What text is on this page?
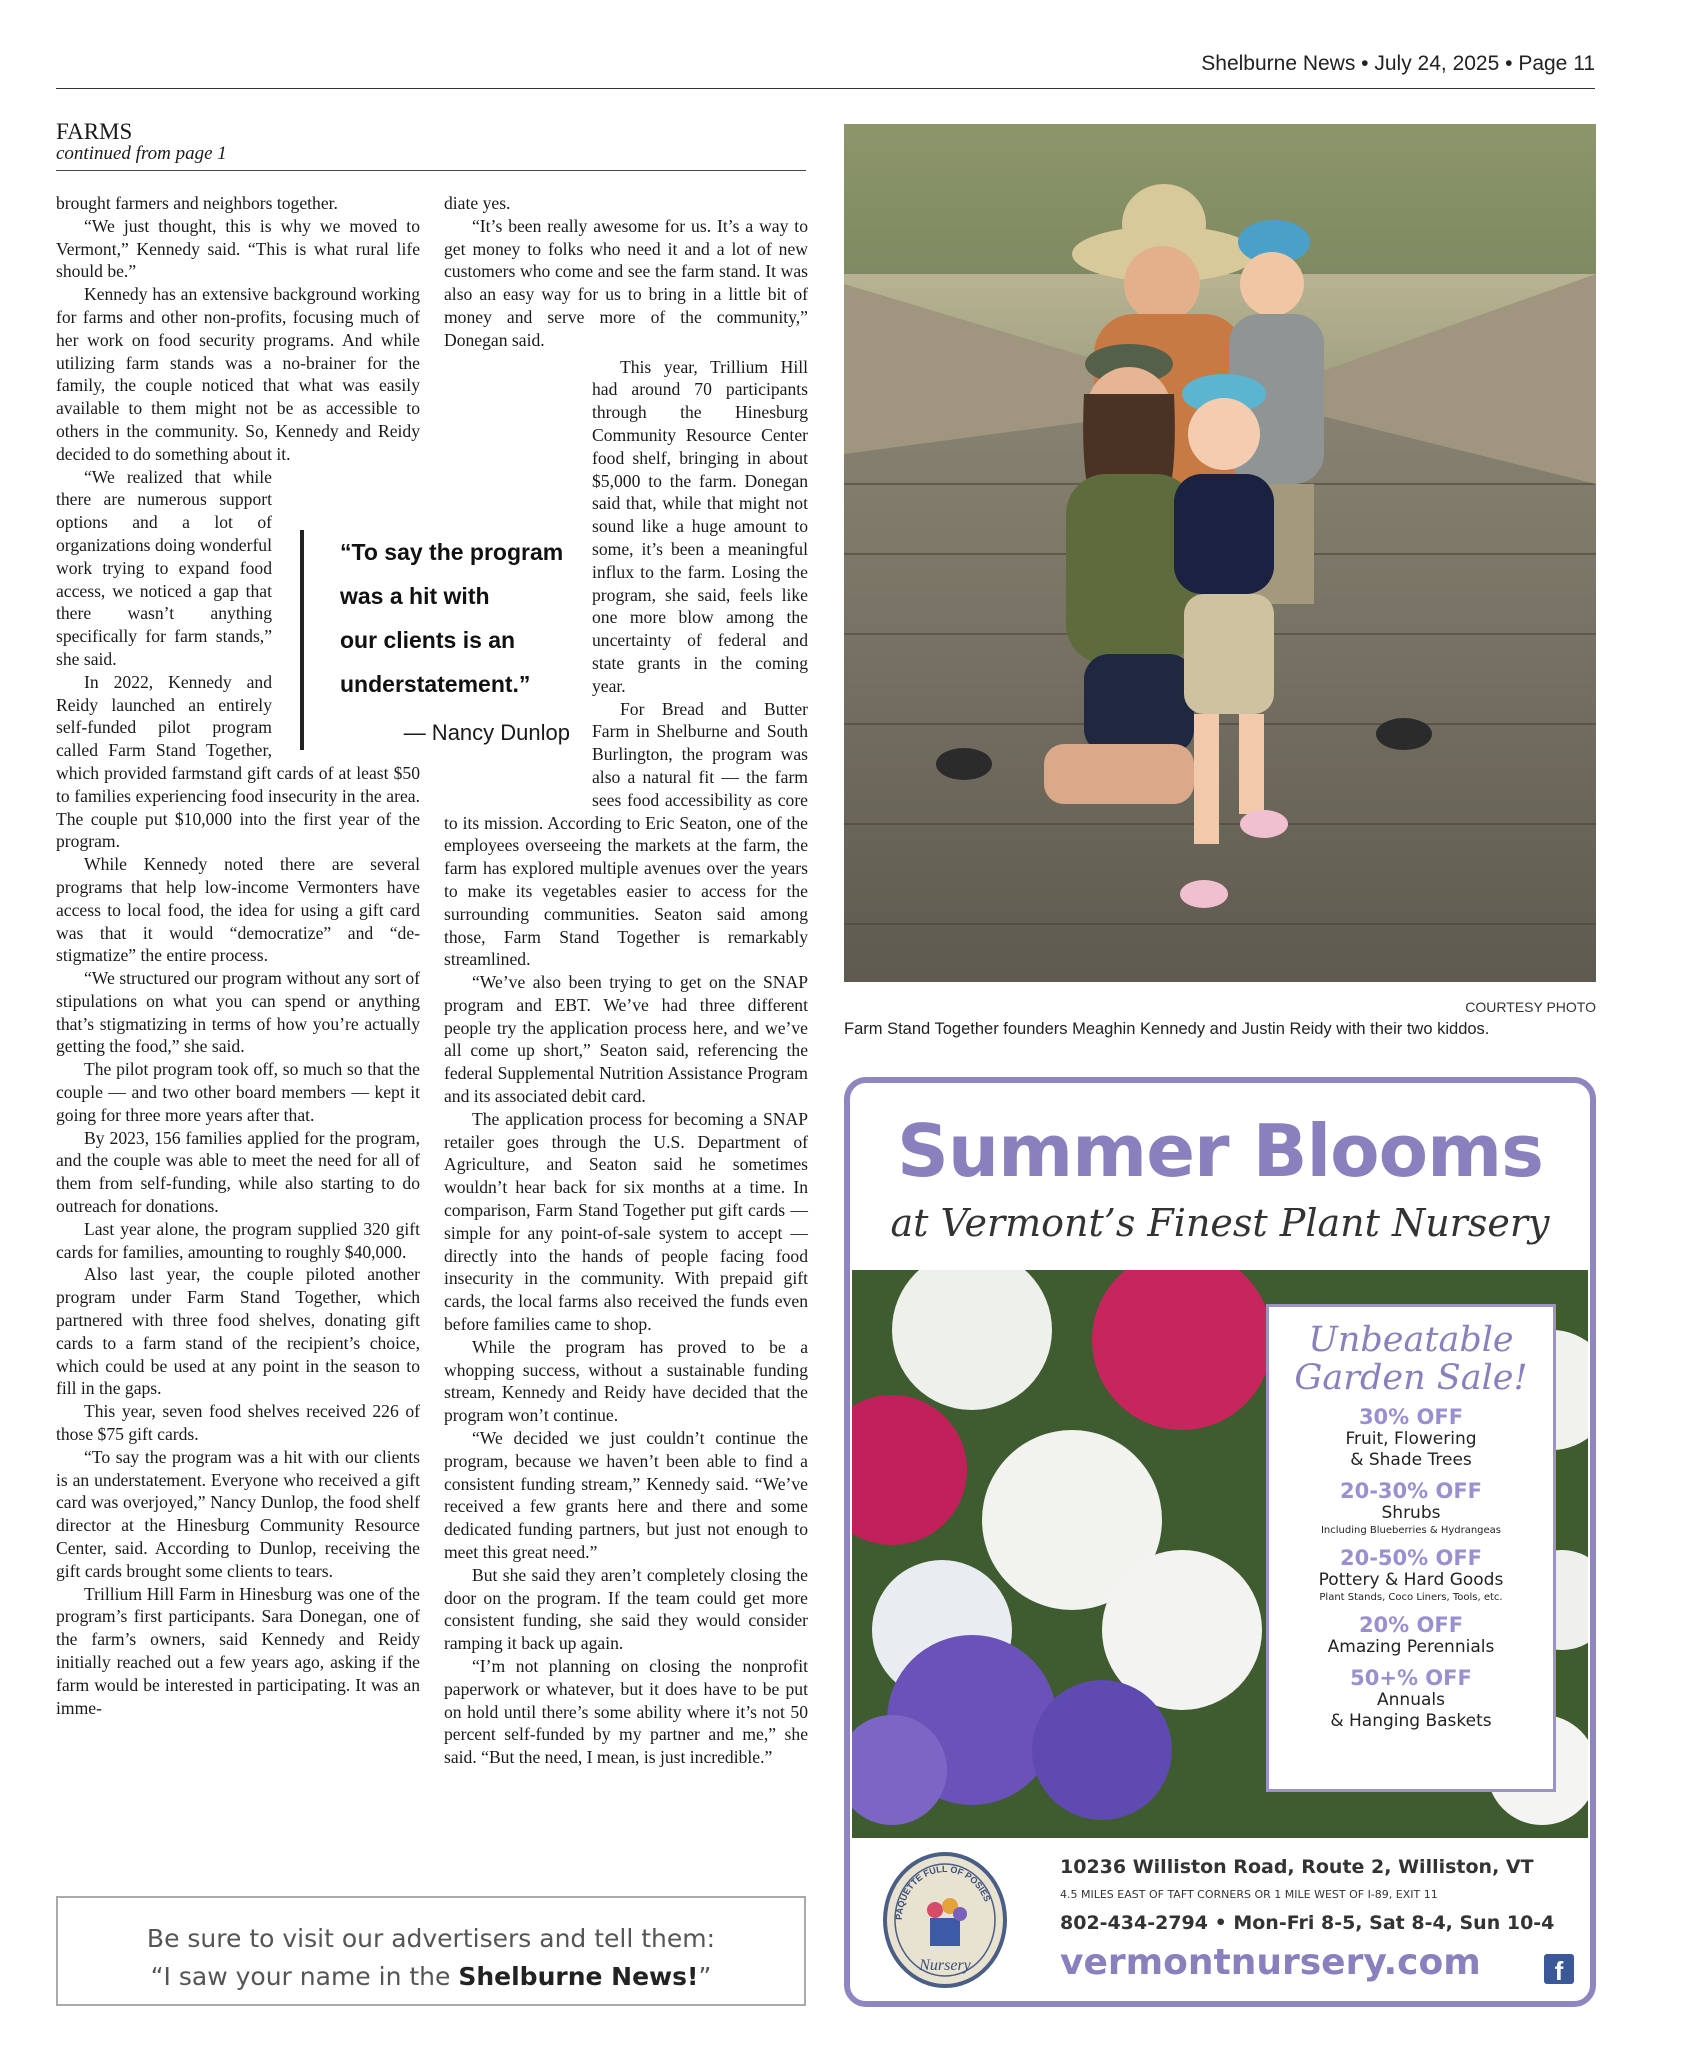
Shelburne News • July 24, 2025 • Page 11
FARMS
continued from page 1

brought farmers and neighbors together.

“We just thought, this is why we moved to Vermont,” Kennedy said. “This is what rural life should be.”

Kennedy has an extensive background working for farms and other non-profits, focusing much of her work on food security programs. And while utilizing farm stands was a no-brainer for the family, the couple noticed that what was easily available to them might not be as accessible to others in the community. So, Kennedy and Reidy decided to do something about it.

“We realized that while there are numerous support options and a lot of organizations doing wonderful work trying to expand food access, we noticed a gap that there wasn’t anything specifically for farm stands,” she said.

In 2022, Kennedy and Reidy launched an entirely self-funded pilot program called Farm Stand Together, which provided farmstand gift cards of at least $50 to families experiencing food insecurity in the area. The couple put $10,000 into the first year of the program.

While Kennedy noted there are several programs that help low-income Vermonters have access to local food, the idea for using a gift card was that it would “democratize” and “de-stigmatize” the entire process.

“We structured our program without any sort of stipulations on what you can spend or anything that’s stigmatizing in terms of how you’re actually getting the food,” she said.

The pilot program took off, so much so that the couple — and two other board members — kept it going for three more years after that.

By 2023, 156 families applied for the program, and the couple was able to meet the need for all of them from self-funding, while also starting to do outreach for donations.

Last year alone, the program supplied 320 gift cards for families, amounting to roughly $40,000.

Also last year, the couple piloted another program under Farm Stand Together, which partnered with three food shelves, donating gift cards to a farm stand of the recipient’s choice, which could be used at any point in the season to fill in the gaps.

This year, seven food shelves received 226 of those $75 gift cards.

“To say the program was a hit with our clients is an understatement. Everyone who received a gift card was overjoyed,” Nancy Dunlop, the food shelf director at the Hinesburg Community Resource Center, said. According to Dunlop, receiving the gift cards brought some clients to tears.

Trillium Hill Farm in Hinesburg was one of the program’s first participants. Sara Donegan, one of the farm’s owners, said Kennedy and Reidy initially reached out a few years ago, asking if the farm would be interested in participating. It was an imme-

diate yes.

“It’s been really awesome for us. It’s a way to get money to folks who need it and a lot of new customers who come and see the farm stand. It was also an easy way for us to bring in a little bit of money and serve more of the community,” Donegan said.

This year, Trillium Hill had around 70 participants through the Hinesburg Community Resource Center food shelf, bringing in about $5,000 to the farm. Donegan said that, while that might not sound like a huge amount to some, it’s been a meaningful influx to the farm. Losing the program, she said, feels like one more blow among the uncertainty of federal and state grants in the coming year.

For Bread and Butter Farm in Shelburne and South Burlington, the program was also a natural fit — the farm sees food accessibility as core to its mission. According to Eric Seaton, one of the employees overseeing the markets at the farm, the farm has explored multiple avenues over the years to make its vegetables easier to access for the surrounding communities. Seaton said among those, Farm Stand Together is remarkably streamlined.

“We’ve also been trying to get on the SNAP program and EBT. We’ve had three different people try the application process here, and we’ve all come up short,” Seaton said, referencing the federal Supplemental Nutrition Assistance Program and its associated debit card.

The application process for becoming a SNAP retailer goes through the U.S. Department of Agriculture, and Seaton said he sometimes wouldn’t hear back for six months at a time. In comparison, Farm Stand Together put gift cards — simple for any point-of-sale system to accept — directly into the hands of people facing food insecurity in the community. With prepaid gift cards, the local farms also received the funds even before families came to shop.

While the program has proved to be a whopping success, without a sustainable funding stream, Kennedy and Reidy have decided that the program won’t continue.

“We decided we just couldn’t continue the program, because we haven’t been able to find a consistent funding stream,” Kennedy said. “We’ve received a few grants here and there and some dedicated funding partners, but just not enough to meet this great need.”

But she said they aren’t completely closing the door on the program. If the team could get more consistent funding, she said they would consider ramping it back up again.

“I’m not planning on closing the nonprofit paperwork or whatever, but it does have to be put on hold until there’s some ability where it’s not 50 percent self-funded by my partner and me,” she said. “But the need, I mean, is just incredible.”

“To say the program
was a hit with
our clients is an
understatement.”
— Nancy Dunlop
Be sure to visit our advertisers and tell them:
“I saw your name in the Shelburne News!”
COURTESY PHOTO
Farm Stand Together founders Meaghin Kennedy and Justin Reidy with their two kiddos.
Summer Blooms
at Vermont’s Finest Plant Nursery
Unbeatable
Garden Sale!
30% OFF
Fruit, Flowering
& Shade Trees
20-30% OFF
Shrubs
Including Blueberries & Hydrangeas
20-50% OFF
Pottery & Hard Goods
Plant Stands, Coco Liners, Tools, etc.
20% OFF
Amazing Perennials
50+% OFF
Annuals
& Hanging Baskets
PAQUETTE FULL OF POSIES
Nursery
10236 Williston Road, Route 2, Williston, VT
4.5 MILES EAST OF TAFT CORNERS OR 1 MILE WEST OF I-89, EXIT 11
802-434-2794 • Mon-Fri 8-5, Sat 8-4, Sun 10-4
vermontnursery.com	f
